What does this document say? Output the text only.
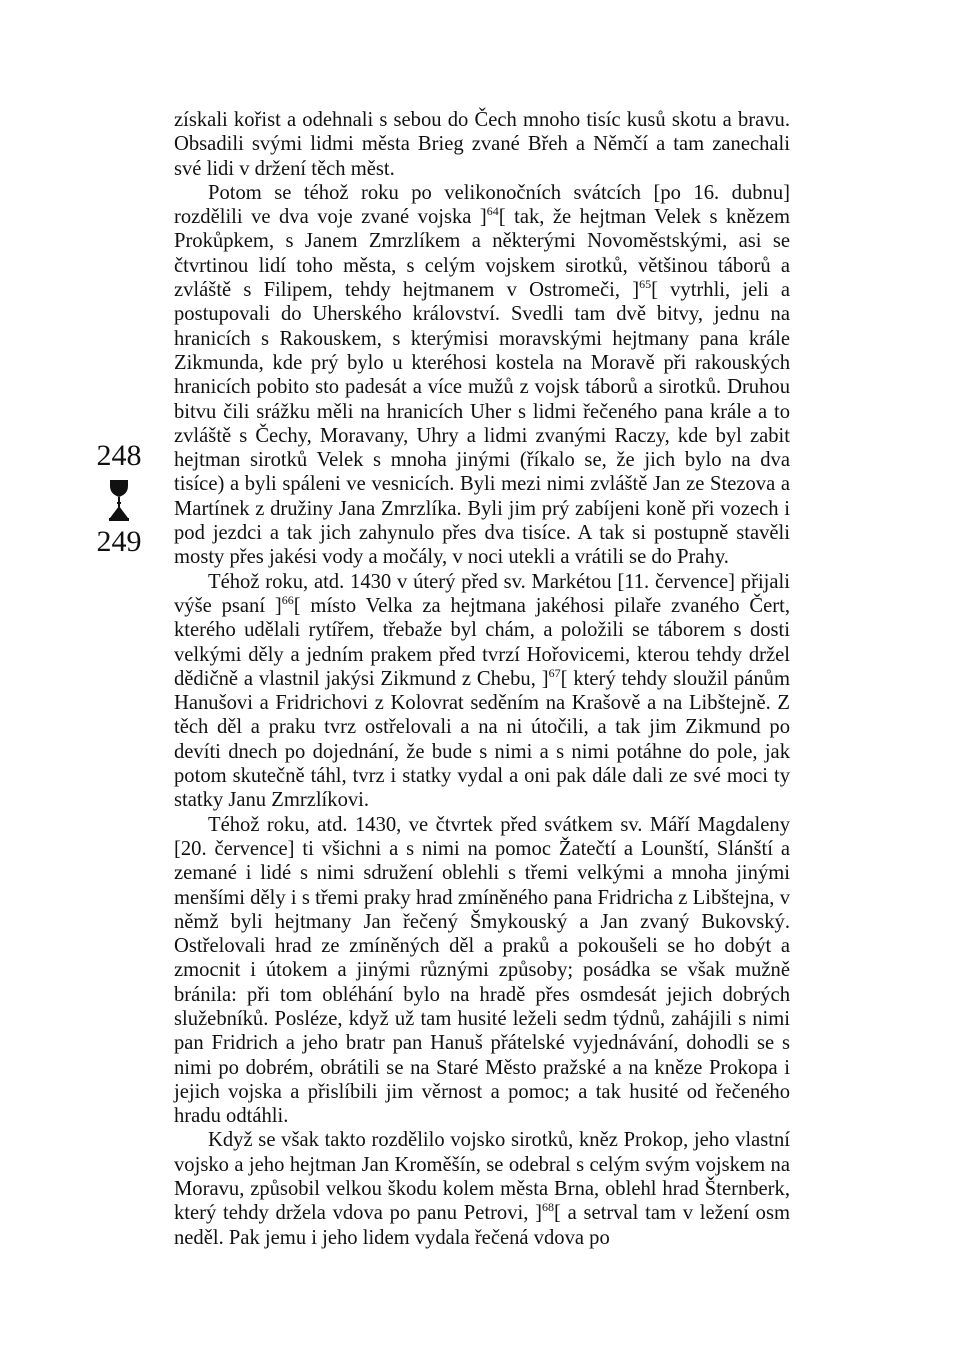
248
249

získali kořist a odehnali s sebou do Čech mnoho tisíc kusů skotu a bravu. Obsadili svými lidmi města Brieg zvané Břeh a Němčí a tam zanechali své lidi v držení těch měst.

Potom se téhož roku po velikonočních svátcích [po 16. dubnu] rozdělili ve dva voje zvané vojska ]$^{64}$[ tak, že hejtman Velek s knězem Prokůpkem, s Janem Zmrzlíkem a některými Novoměstskými, asi se čtvrtinou lidí toho města, s celým vojskem sirotků, většinou táborů a zvláště s Filipem, tehdy hejtmanem v Ostromeči, ]$^{65}$[ vytrhli, jeli a postupovali do Uherského království. Svedli tam dvě bitvy, jednu na hranicích s Rakouskem, s kterýmisi moravskými hejtmany pana krále Zikmunda, kde prý bylo u kteréhosi kostela na Moravě při rakouských hranicích pobito sto padesát a více mužů z vojsk táborů a sirotků. Druhou bitvu čili srážku měli na hranicích Uher s lidmi řečeného pana krále a to zvláště s Čechy, Moravany, Uhry a lidmi zvanými Raczy, kde byl zabit hejtman sirotků Velek s mnoha jinými (říkalo se, že jich bylo na dva tisíce) a byli spáleni ve vesnicích. Byli mezi nimi zvláště Jan ze Stezova a Martínek z družiny Jana Zmrzlíka. Byli jim prý zabíjeni koně při vozech i pod jezdci a tak jich zahynulo přes dva tisíce. A tak si postupně stavěli mosty přes jakési vody a močály, v noci utekli a vrátili se do Prahy.

Téhož roku, atd. 1430 v úterý před sv. Markétou [11. července] přijali výše psaní ]$^{66}$[ místo Velka za hejtmana jakéhosi pilaře zvaného Čert, kterého udělali rytířem, třebaže byl chám, a položili se táborem s dosti velkými děly a jedním prakem před tvrzí Hořovicemi, kterou tehdy držel dědičně a vlastnil jakýsi Zikmund z Chebu, ]$^{67}$[ který tehdy sloužil pánům Hanušovi a Fridrichovi z Kolovrat seděním na Krašově a na Libštejně. Z těch děl a praku tvrz ostřelovali a na ni útočili, a tak jim Zikmund po devíti dnech po dojednání, že bude s nimi a s nimi potáhne do pole, jak potom skutečně táhl, tvrz i statky vydal a oni pak dále dali ze své moci ty statky Janu Zmrzlíkovi.

Téhož roku, atd. 1430, ve čtvrtek před svátkem sv. Máří Magdaleny [20. července] ti všichni a s nimi na pomoc Žatečtí a Lounští, Slánští a zemané i lidé s nimi sdružení oblehli s třemi velkými a mnoha jinými menšími děly i s třemi praky hrad zmíněného pana Fridricha z Libštejna, v němž byli hejtmany Jan řečený Šmykouský a Jan zvaný Bukovský. Ostřelovali hrad ze zmíněných děl a praků a pokoušeli se ho dobýt a zmocnit i útokem a jinými různými způsoby; posádka se však mužně bránila: při tom obléhání bylo na hradě přes osmdesát jejich dobrých služebníků. Posléze, když už tam husité leželi sedm týdnů, zahájili s nimi pan Fridrich a jeho bratr pan Hanuš přátelské vyjednávání, dohodli se s nimi po dobrém, obrátili se na Staré Město pražské a na kněze Prokopa i jejich vojska a přislíbili jim věrnost a pomoc; a tak husité od řečeného hradu odtáhli.

Když se však takto rozdělilo vojsko sirotků, kněz Prokop, jeho vlastní vojsko a jeho hejtman Jan Kroměšín, se odebral s celým svým vojskem na Moravu, způsobil velkou škodu kolem města Brna, oblehl hrad Šternberk, který tehdy držela vdova po panu Petrovi, ]$^{68}$[ a setrval tam v ležení osm neděl. Pak jemu i jeho lidem vydala řečená vdova po
